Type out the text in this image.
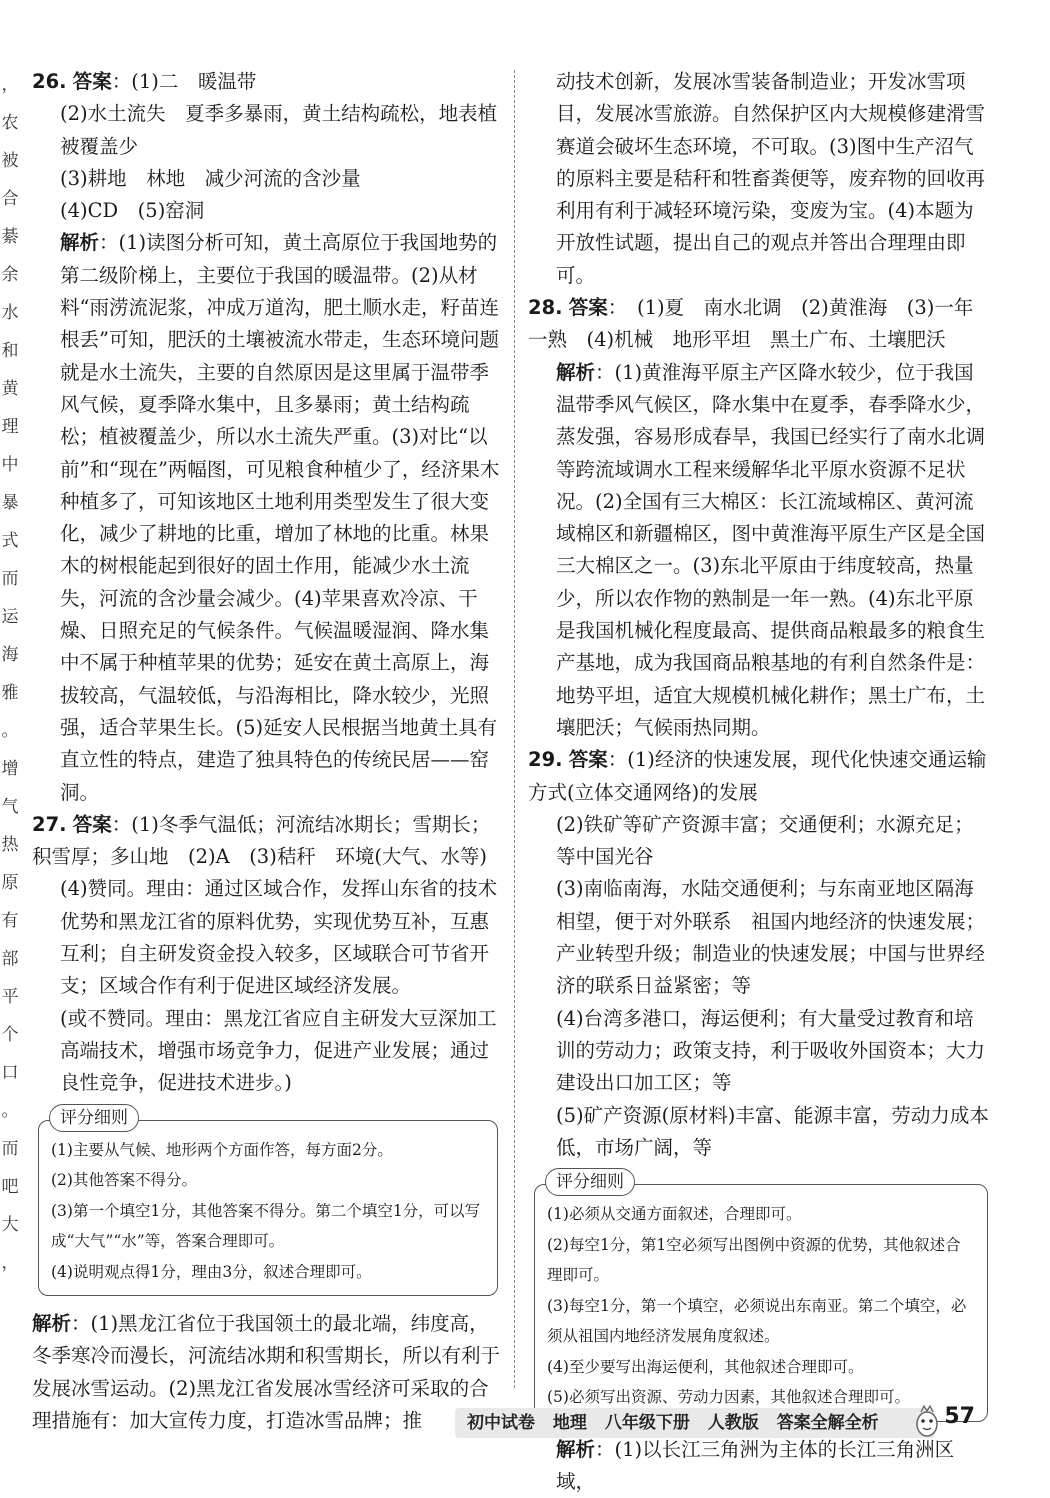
，
农
被
合
綦
余
水
和
黄
理
中
暴
式
而
运
海
雅
。
增
气
热
原
有
部
平
个
口
。
而
吧
大
，

26. 答案：(1)二　暖温带

(2)水土流失　夏季多暴雨，黄土结构疏松，地表植被覆盖少

(3)耕地　林地　减少河流的含沙量

(4)CD　(5)窑洞

解析：(1)读图分析可知，黄土高原位于我国地势的第二级阶梯上，主要位于我国的暖温带。(2)从材料“雨涝流泥浆，冲成万道沟，肥土顺水走，籽苗连根丢”可知，肥沃的土壤被流水带走，生态环境问题就是水土流失，主要的自然原因是这里属于温带季风气候，夏季降水集中，且多暴雨；黄土结构疏松；植被覆盖少，所以水土流失严重。(3)对比“以前”和“现在”两幅图，可见粮食种植少了，经济果木种植多了，可知该地区土地利用类型发生了很大变化，减少了耕地的比重，增加了林地的比重。林果木的树根能起到很好的固土作用，能减少水土流失，河流的含沙量会减少。(4)苹果喜欢冷凉、干燥、日照充足的气候条件。气候温暖湿润、降水集中不属于种植苹果的优势；延安在黄土高原上，海拔较高，气温较低，与沿海相比，降水较少，光照强，适合苹果生长。(5)延安人民根据当地黄土具有直立性的特点，建造了独具特色的传统民居——窑洞。

27. 答案：(1)冬季气温低；河流结冰期长；雪期长；积雪厚；多山地　(2)A　(3)秸秆　环境(大气、水等)

(4)赞同。理由：通过区域合作，发挥山东省的技术优势和黑龙江省的原料优势，实现优势互补，互惠互利；自主研发资金投入较多，区域联合可节省开支；区域合作有利于促进区域经济发展。

(或不赞同。理由：黑龙江省应自主研发大豆深加工高端技术，增强市场竞争力，促进产业发展；通过良性竞争，促进技术进步。)

评分细则
(1)主要从气候、地形两个方面作答，每方面2分。
(2)其他答案不得分。
(3)第一个填空1分，其他答案不得分。第二个填空1分，可以写成“大气”“水”等，答案合理即可。
(4)说明观点得1分，理由3分，叙述合理即可。

解析：(1)黑龙江省位于我国领土的最北端，纬度高，冬季寒冷而漫长，河流结冰期和积雪期长，所以有利于发展冰雪运动。(2)黑龙江省发展冰雪经济可采取的合理措施有：加大宣传力度，打造冰雪品牌；推

动技术创新，发展冰雪装备制造业；开发冰雪项目，发展冰雪旅游。自然保护区内大规模修建滑雪赛道会破坏生态环境，不可取。(3)图中生产沼气的原料主要是秸秆和牲畜粪便等，废弃物的回收再利用有利于减轻环境污染，变废为宝。(4)本题为开放性试题，提出自己的观点并答出合理理由即可。

28. 答案：　(1)夏　南水北调　(2)黄淮海　(3)一年一熟　(4)机械　地形平坦　黑土广布、土壤肥沃

解析：(1)黄淮海平原主产区降水较少，位于我国温带季风气候区，降水集中在夏季，春季降水少，蒸发强，容易形成春旱，我国已经实行了南水北调等跨流域调水工程来缓解华北平原水资源不足状况。(2)全国有三大棉区：长江流域棉区、黄河流域棉区和新疆棉区，图中黄淮海平原生产区是全国三大棉区之一。(3)东北平原由于纬度较高，热量少，所以农作物的熟制是一年一熟。(4)东北平原是我国机械化程度最高、提供商品粮最多的粮食生产基地，成为我国商品粮基地的有利自然条件是：地势平坦，适宜大规模机械化耕作；黑土广布，土壤肥沃；气候雨热同期。

29. 答案：(1)经济的快速发展，现代化快速交通运输方式(立体交通网络)的发展

(2)铁矿等矿产资源丰富；交通便利；水源充足；等中国光谷

(3)南临南海，水陆交通便利；与东南亚地区隔海相望，便于对外联系　祖国内地经济的快速发展；产业转型升级；制造业的快速发展；中国与世界经济的联系日益紧密；等

(4)台湾多港口，海运便利；有大量受过教育和培训的劳动力；政策支持，利于吸收外国资本；大力建设出口加工区；等

(5)矿产资源(原材料)丰富、能源丰富，劳动力成本低，市场广阔，等

评分细则
(1)必须从交通方面叙述，合理即可。
(2)每空1分，第1空必须写出图例中资源的优势，其他叙述合理即可。
(3)每空1分，第一个填空，必须说出东南亚。第二个填空，必须从祖国内地经济发展角度叙述。
(4)至少要写出海运便利，其他叙述合理即可。
(5)必须写出资源、劳动力因素，其他叙述合理即可。

解析：(1)以长江三角洲为主体的长江三角洲区域，

初中试卷 地理 八年级下册 人教版 答案全解全析	57
